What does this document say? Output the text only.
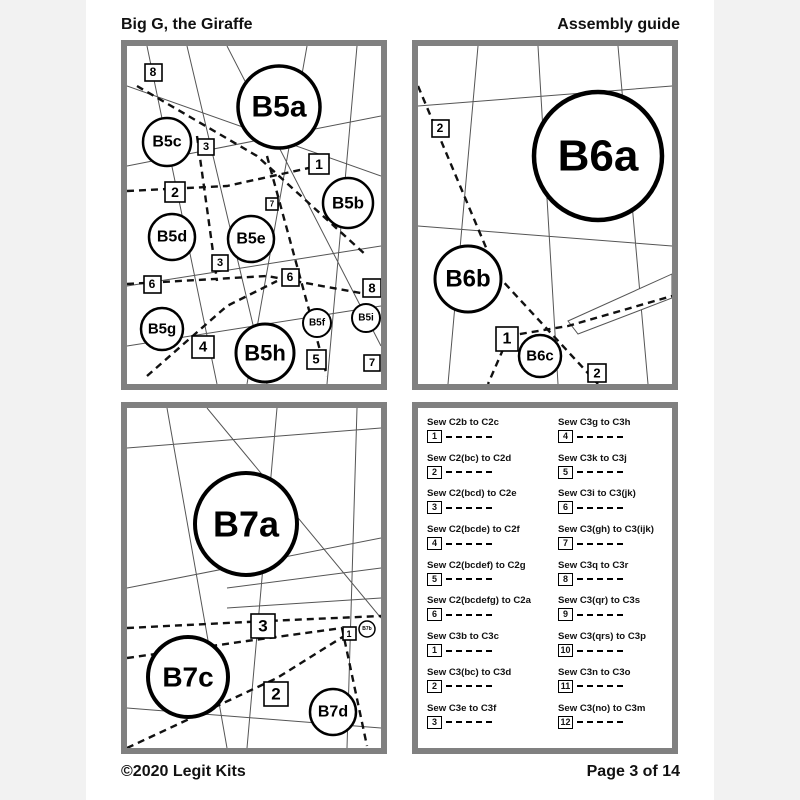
Big G, the Giraffe	Assembly guide
B5a
B5b
B5c
B5d	B5e
B5f
B5g
B5h
B5i
1
2
3
3
4
5
6	6
7
7
8
8
B6a
B6b
B6c
1
2
2
B7a
B7b
B7c
B7d
1
2
3
Sew C2b to C2c
1
Sew C2(bc) to C2d
2
Sew C2(bcd) to C2e
3
Sew C2(bcde) to C2f
4
Sew C2(bcdef) to C2g
5
Sew C2(bcdefg) to C2a
6
Sew C3b to C3c
1
Sew C3(bc) to C3d
2
Sew C3e to C3f
3
Sew C3g to C3h
4
Sew C3k to C3j
5
Sew C3i to C3(jk)
6
Sew C3(gh) to C3(ijk)
7
Sew C3q to C3r
8
Sew C3(qr) to C3s
9
Sew C3(qrs) to C3p
10
Sew C3n to C3o
11
Sew C3(no) to C3m
12
©2020 Legit Kits	Page 3 of 14
